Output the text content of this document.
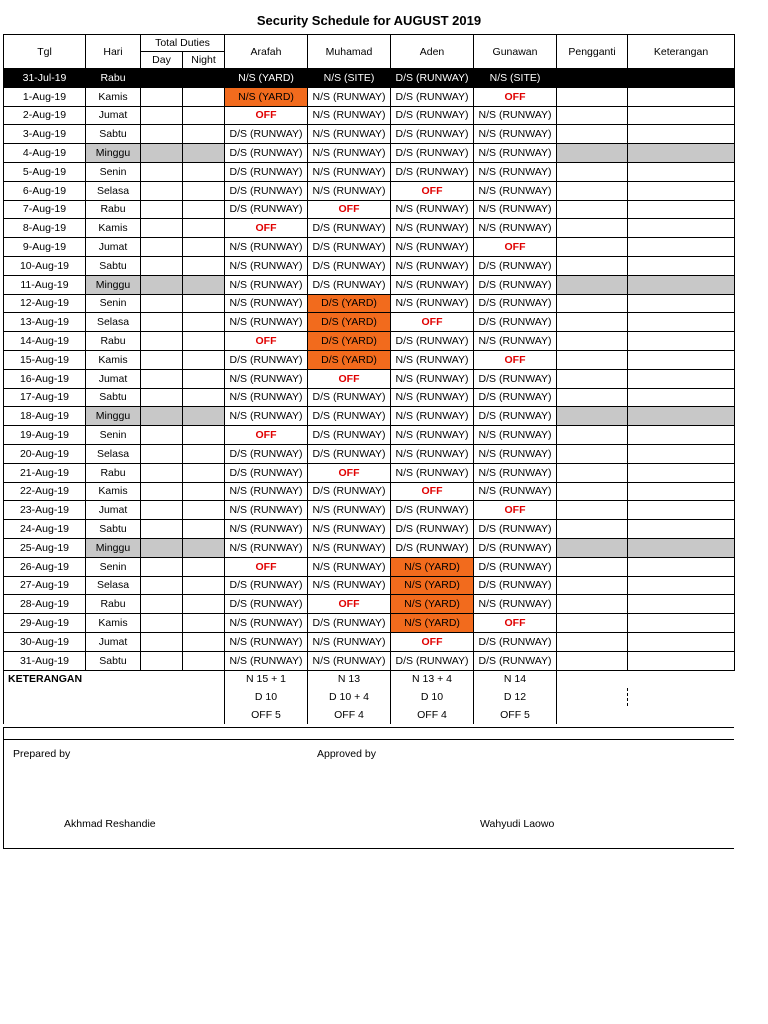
Security Schedule for AUGUST 2019
Tgl	Hari	Total Duties		Arafah	Muhamad	Aden	Gunawan	Pengganti	Keterangan
		Day	Night						
31-Jul-19	Rabu			N/S (YARD)	N/S (SITE)	D/S (RUNWAY)	N/S (SITE)		
1-Aug-19	Kamis			N/S (YARD)	N/S (RUNWAY)	D/S (RUNWAY)	OFF		
2-Aug-19	Jumat			OFF	N/S (RUNWAY)	D/S (RUNWAY)	N/S (RUNWAY)		
3-Aug-19	Sabtu			D/S (RUNWAY)	N/S (RUNWAY)	D/S (RUNWAY)	N/S (RUNWAY)		
4-Aug-19	Minggu			D/S (RUNWAY)	N/S (RUNWAY)	D/S (RUNWAY)	N/S (RUNWAY)		
5-Aug-19	Senin			D/S (RUNWAY)	N/S (RUNWAY)	D/S (RUNWAY)	N/S (RUNWAY)		
6-Aug-19	Selasa			D/S (RUNWAY)	N/S (RUNWAY)	OFF	N/S (RUNWAY)		
7-Aug-19	Rabu			D/S (RUNWAY)	OFF	N/S (RUNWAY)	N/S (RUNWAY)		
8-Aug-19	Kamis			OFF	D/S (RUNWAY)	N/S (RUNWAY)	N/S (RUNWAY)		
9-Aug-19	Jumat			N/S (RUNWAY)	D/S (RUNWAY)	N/S (RUNWAY)	OFF		
10-Aug-19	Sabtu			N/S (RUNWAY)	D/S (RUNWAY)	N/S (RUNWAY)	D/S (RUNWAY)		
11-Aug-19	Minggu			N/S (RUNWAY)	D/S (RUNWAY)	N/S (RUNWAY)	D/S (RUNWAY)		
12-Aug-19	Senin			N/S (RUNWAY)	D/S (YARD)	N/S (RUNWAY)	D/S (RUNWAY)		
13-Aug-19	Selasa			N/S (RUNWAY)	D/S (YARD)	OFF	D/S (RUNWAY)		
14-Aug-19	Rabu			OFF	D/S (YARD)	D/S (RUNWAY)	N/S (RUNWAY)		
15-Aug-19	Kamis			D/S (RUNWAY)	D/S (YARD)	N/S (RUNWAY)	OFF		
16-Aug-19	Jumat			N/S (RUNWAY)	OFF	N/S (RUNWAY)	D/S (RUNWAY)		
17-Aug-19	Sabtu			N/S (RUNWAY)	D/S (RUNWAY)	N/S (RUNWAY)	D/S (RUNWAY)		
18-Aug-19	Minggu			N/S (RUNWAY)	D/S (RUNWAY)	N/S (RUNWAY)	D/S (RUNWAY)		
19-Aug-19	Senin			OFF	D/S (RUNWAY)	N/S (RUNWAY)	N/S (RUNWAY)		
20-Aug-19	Selasa			D/S (RUNWAY)	D/S (RUNWAY)	N/S (RUNWAY)	N/S (RUNWAY)		
21-Aug-19	Rabu			D/S (RUNWAY)	OFF	N/S (RUNWAY)	N/S (RUNWAY)		
22-Aug-19	Kamis			N/S (RUNWAY)	D/S (RUNWAY)	OFF	N/S (RUNWAY)		
23-Aug-19	Jumat			N/S (RUNWAY)	N/S (RUNWAY)	D/S (RUNWAY)	OFF		
24-Aug-19	Sabtu			N/S (RUNWAY)	N/S (RUNWAY)	D/S (RUNWAY)	D/S (RUNWAY)		
25-Aug-19	Minggu			N/S (RUNWAY)	N/S (RUNWAY)	D/S (RUNWAY)	D/S (RUNWAY)		
26-Aug-19	Senin			OFF	N/S (RUNWAY)	N/S (YARD)	D/S (RUNWAY)		
27-Aug-19	Selasa			D/S (RUNWAY)	N/S (RUNWAY)	N/S (YARD)	D/S (RUNWAY)		
28-Aug-19	Rabu			D/S (RUNWAY)	OFF	N/S (YARD)	N/S (RUNWAY)		
29-Aug-19	Kamis			N/S (RUNWAY)	D/S (RUNWAY)	N/S (YARD)	OFF		
30-Aug-19	Jumat			N/S (RUNWAY)	N/S (RUNWAY)	OFF	D/S (RUNWAY)		
31-Aug-19	Sabtu			N/S (RUNWAY)	N/S (RUNWAY)	D/S (RUNWAY)	D/S (RUNWAY)		
KETERANGAN				N 15 + 1	N 13	N 13 + 4	N 14		
				D 10	D 10 + 4	D 10	D 12		
				OFF 5	OFF 4	OFF 4	OFF 5		
Prepared by	Approved by
Akhmad Reshandie	Wahyudi Laowo
